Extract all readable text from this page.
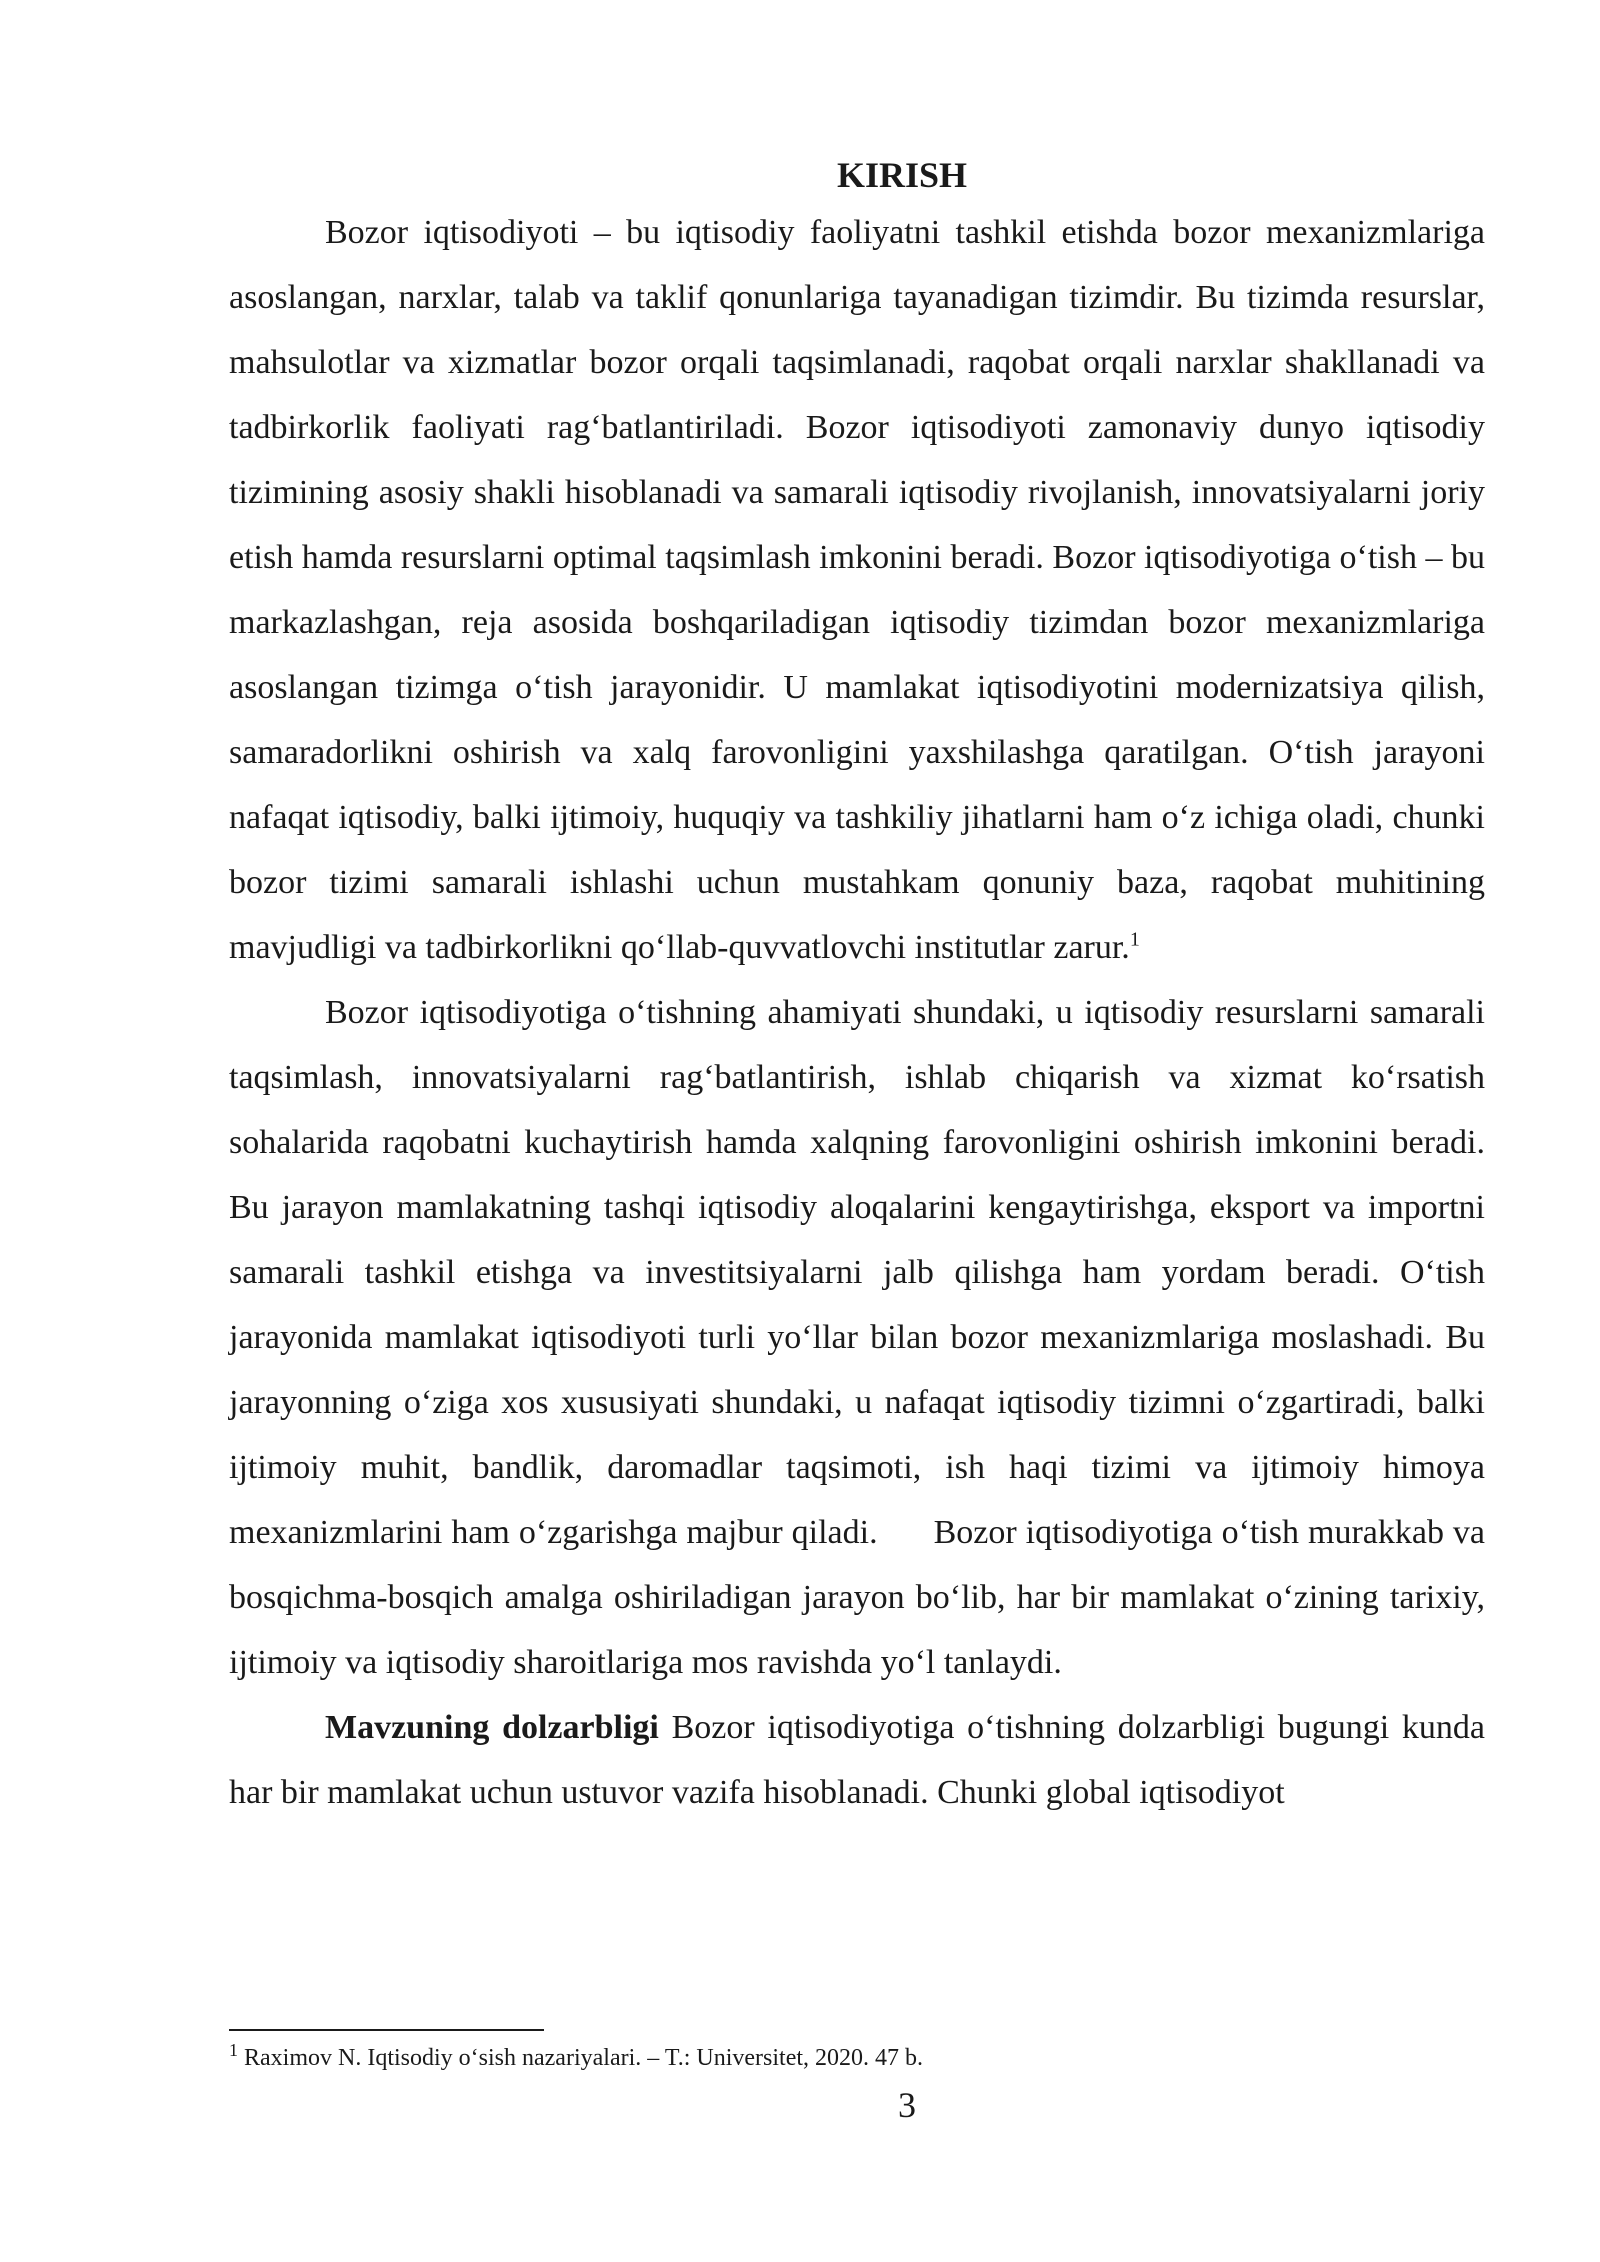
KIRISH

Bozor iqtisodiyoti – bu iqtisodiy faoliyatni tashkil etishda bozor mexanizmlariga asoslangan, narxlar, talab va taklif qonunlariga tayanadigan tizimdir. Bu tizimda resurslar, mahsulotlar va xizmatlar bozor orqali taqsimlanadi, raqobat orqali narxlar shakllanadi va tadbirkorlik faoliyati rag‘batlantiriladi. Bozor iqtisodiyoti zamonaviy dunyo iqtisodiy tizimining asosiy shakli hisoblanadi va samarali iqtisodiy rivojlanish, innovatsiyalarni joriy etish hamda resurslarni optimal taqsimlash imkonini beradi. Bozor iqtisodiyotiga o‘tish – bu markazlashgan, reja asosida boshqariladigan iqtisodiy tizimdan bozor mexanizmlariga asoslangan tizimga o‘tish jarayonidir. U mamlakat iqtisodiyotini modernizatsiya qilish, samaradorlikni oshirish va xalq farovonligini yaxshilashga qaratilgan. O‘tish jarayoni nafaqat iqtisodiy, balki ijtimoiy, huquqiy va tashkiliy jihatlarni ham o‘z ichiga oladi, chunki bozor tizimi samarali ishlashi uchun mustahkam qonuniy baza, raqobat muhitining mavjudligi va tadbirkorlikni qo‘llab-quvvatlovchi institutlar zarur.$^1$

Bozor iqtisodiyotiga o‘tishning ahamiyati shundaki, u iqtisodiy resurslarni samarali taqsimlash, innovatsiyalarni rag‘batlantirish, ishlab chiqarish va xizmat ko‘rsatish sohalarida raqobatni kuchaytirish hamda xalqning farovonligini oshirish imkonini beradi. Bu jarayon mamlakatning tashqi iqtisodiy aloqalarini kengaytirishga, eksport va importni samarali tashkil etishga va investitsiyalarni jalb qilishga ham yordam beradi. O‘tish jarayonida mamlakat iqtisodiyoti turli yo‘llar bilan bozor mexanizmlariga moslashadi. Bu jarayonning o‘ziga xos xususiyati shundaki, u nafaqat iqtisodiy tizimni o‘zgartiradi, balki ijtimoiy muhit, bandlik, daromadlar taqsimoti, ish haqi tizimi va ijtimoiy himoya mexanizmlarini ham o‘zgarishga majbur qiladi. Bozor iqtisodiyotiga o‘tish murakkab va bosqichma-bosqich amalga oshiriladigan jarayon bo‘lib, har bir mamlakat o‘zining tarixiy, ijtimoiy va iqtisodiy sharoitlariga mos ravishda yo‘l tanlaydi.

Mavzuning dolzarbligi Bozor iqtisodiyotiga o‘tishning dolzarbligi bugungi kunda har bir mamlakat uchun ustuvor vazifa hisoblanadi. Chunki global iqtisodiyot

$^1$ Raximov N. Iqtisodiy o‘sish nazariyalari. – T.: Universitet, 2020. 47 b.

3
